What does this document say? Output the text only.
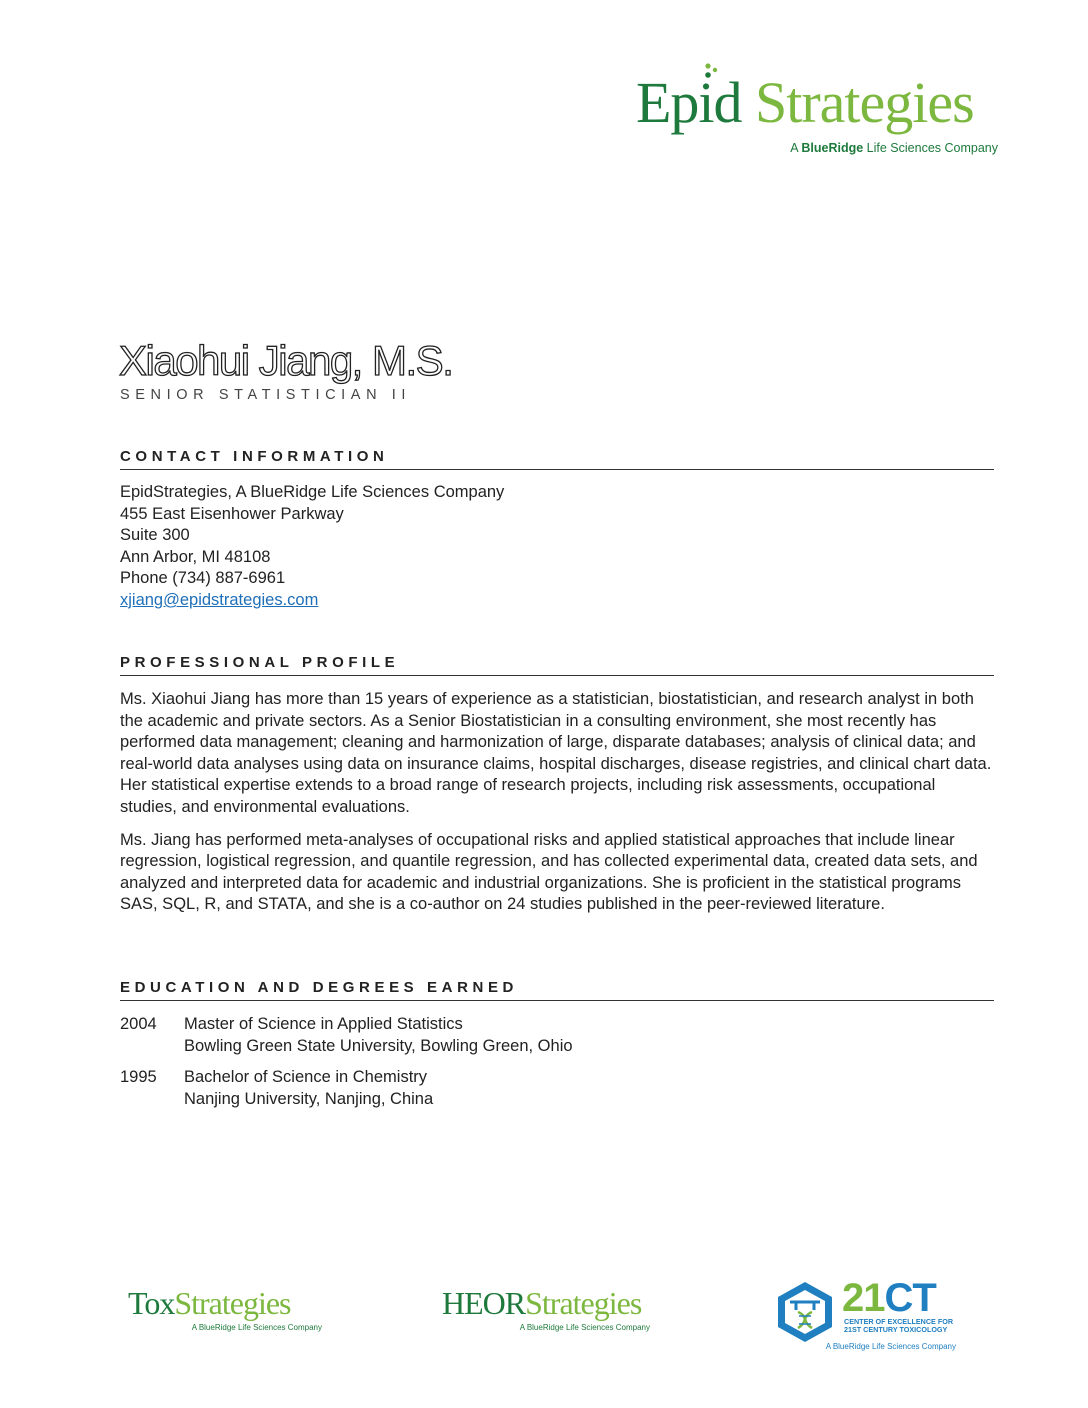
Epid Strategies
A BlueRidge Life Sciences Company
Xiaohui Jiang, M.S.
SENIOR STATISTICIAN II
CONTACT INFORMATION
EpidStrategies, A BlueRidge Life Sciences Company
455 East Eisenhower Parkway
Suite 300
Ann Arbor, MI 48108
Phone (734) 887-6961
xjiang@epidstrategies.com
PROFESSIONAL PROFILE

Ms. Xiaohui Jiang has more than 15 years of experience as a statistician, biostatistician, and research analyst in both the academic and private sectors. As a Senior Biostatistician in a consulting environment, she most recently has performed data management; cleaning and harmonization of large, disparate databases; analysis of clinical data; and real-world data analyses using data on insurance claims, hospital discharges, disease registries, and clinical chart data. Her statistical expertise extends to a broad range of research projects, including risk assessments, occupational studies, and environmental evaluations.

Ms. Jiang has performed meta-analyses of occupational risks and applied statistical approaches that include linear regression, logistical regression, and quantile regression, and has collected experimental data, created data sets, and analyzed and interpreted data for academic and industrial organizations. She is proficient in the statistical programs SAS, SQL, R, and STATA, and she is a co-author on 24 studies published in the peer-reviewed literature.

EDUCATION AND DEGREES EARNED
2004	Master of Science in Applied Statistics
Bowling Green State University, Bowling Green, Ohio
1995	Bachelor of Science in Chemistry
Nanjing University, Nanjing, China
ToxStrategies
A BlueRidge Life Sciences Company
HEORStrategies
A BlueRidge Life Sciences Company
21CT
CENTER OF EXCELLENCE FOR
21ST CENTURY TOXICOLOGY
A BlueRidge Life Sciences Company
